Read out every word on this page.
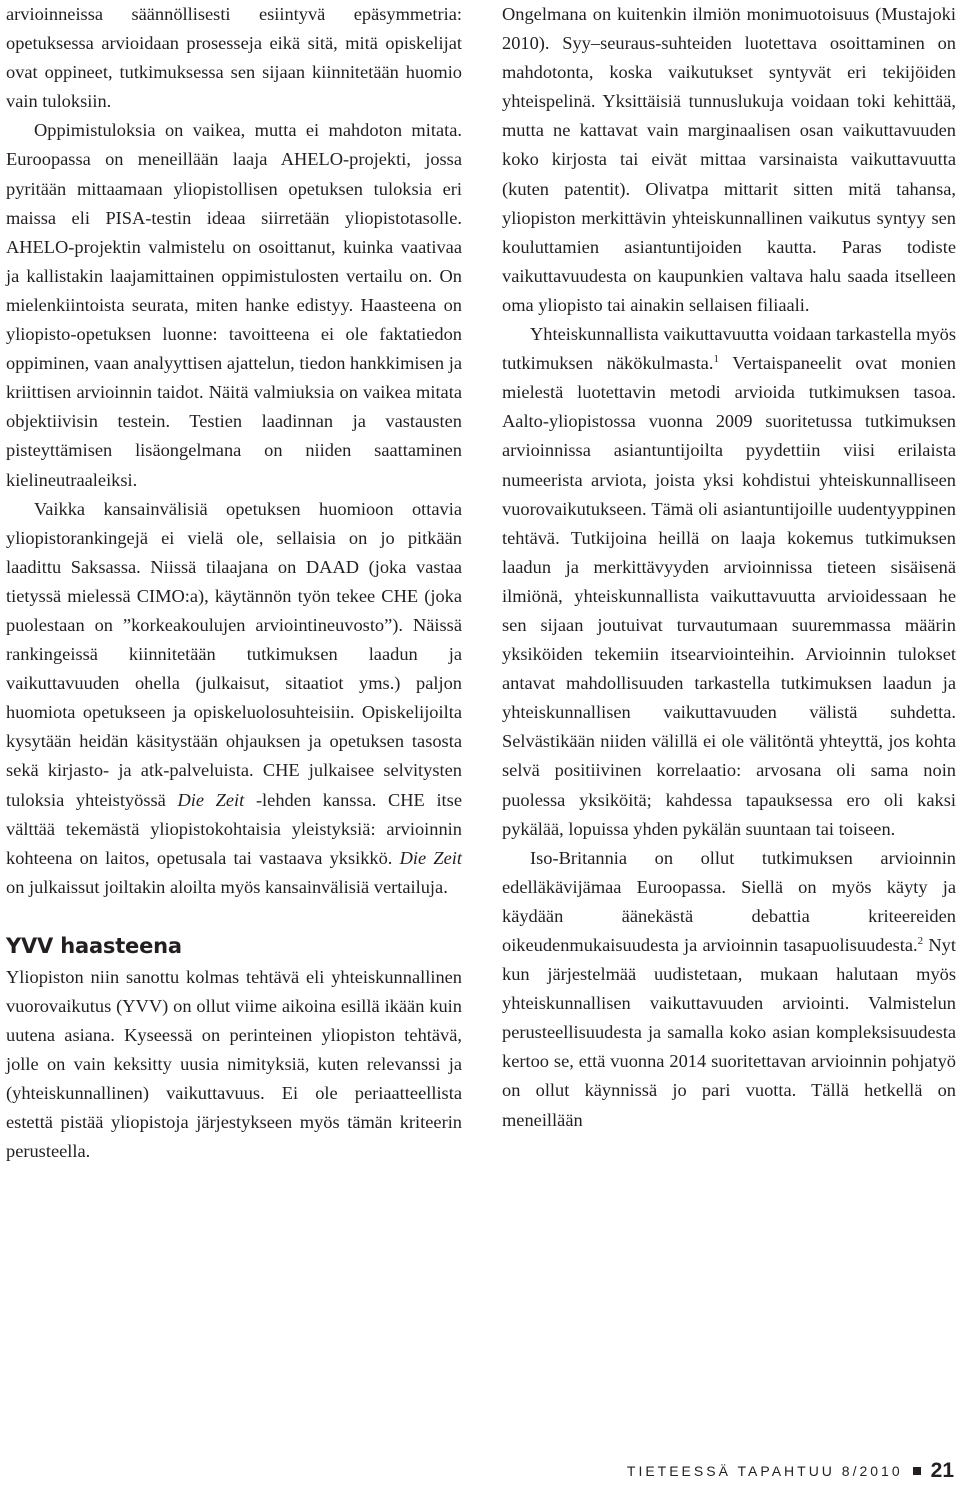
arvioinneissa säännöllisesti esiintyvä epäsymmetria: opetuksessa arvioidaan prosesseja eikä sitä, mitä opiskelijat ovat oppineet, tutkimuksessa sen sijaan kiinnitetään huomio vain tuloksiin.

Oppimistuloksia on vaikea, mutta ei mahdoton mitata. Euroopassa on meneillään laaja AHELO-projekti, jossa pyritään mittaamaan yliopistollisen opetuksen tuloksia eri maissa eli PISA-testin ideaa siirretään yliopistotasolle. AHELO-projektin valmistelu on osoittanut, kuinka vaativaa ja kallistakin laajamittainen oppimistulosten vertailu on. On mielenkiintoista seurata, miten hanke edistyy. Haasteena on yliopisto-opetuksen luonne: tavoitteena ei ole faktatiedon oppiminen, vaan analyyttisen ajattelun, tiedon hankkimisen ja kriittisen arvioinnin taidot. Näitä valmiuksia on vaikea mitata objektiivisin testein. Testien laadinnan ja vastausten pisteyttämisen lisäongelmana on niiden saattaminen kielineutraaleiksi.

Vaikka kansainvälisiä opetuksen huomioon ottavia yliopistorankingejä ei vielä ole, sellaisia on jo pitkään laadittu Saksassa. Niissä tilaajana on DAAD (joka vastaa tietyssä mielessä CIMO:a), käytännön työn tekee CHE (joka puolestaan on ”korkeakoulujen arviointineuvosto”). Näissä rankingeissä kiinnitetään tutkimuksen laadun ja vaikuttavuuden ohella (julkaisut, sitaatiot yms.) paljon huomiota opetukseen ja opiskeluolosuhteisiin. Opiskelijoilta kysytään heidän käsitystään ohjauksen ja opetuksen tasosta sekä kirjasto- ja atk-palveluista. CHE julkaisee selvitysten tuloksia yhteistyössä Die Zeit -lehden kanssa. CHE itse välttää tekemästä yliopistokohtaisia yleistyksiä: arvioinnin kohteena on laitos, opetusala tai vastaava yksikkö. Die Zeit on julkaissut joiltakin aloilta myös kansainvälisiä vertailuja.

YVV haasteena

Yliopiston niin sanottu kolmas tehtävä eli yhteiskunnallinen vuorovaikutus (YVV) on ollut viime aikoina esillä ikään kuin uutena asiana. Kyseessä on perinteinen yliopiston tehtävä, jolle on vain keksitty uusia nimityksiä, kuten relevanssi ja (yhteiskunnallinen) vaikuttavuus. Ei ole periaatteellista estettä pistää yliopistoja järjestykseen myös tämän kriteerin perusteella.

Ongelmana on kuitenkin ilmiön monimuotoisuus (Mustajoki 2010). Syy–seuraus-suhteiden luotettava osoittaminen on mahdotonta, koska vaikutukset syntyvät eri tekijöiden yhteispelinä. Yksittäisiä tunnuslukuja voidaan toki kehittää, mutta ne kattavat vain marginaalisen osan vaikuttavuuden koko kirjosta tai eivät mittaa varsinaista vaikuttavuutta (kuten patentit). Olivatpa mittarit sitten mitä tahansa, yliopiston merkittävin yhteiskunnallinen vaikutus syntyy sen kouluttamien asiantuntijoiden kautta. Paras todiste vaikuttavuudesta on kaupunkien valtava halu saada itselleen oma yliopisto tai ainakin sellaisen filiaali.

Yhteiskunnallista vaikuttavuutta voidaan tarkastella myös tutkimuksen näkökulmasta.$^1$ Vertaispaneelit ovat monien mielestä luotettavin metodi arvioida tutkimuksen tasoa. Aalto-yliopistossa vuonna 2009 suoritetussa tutkimuksen arvioinnissa asiantuntijoilta pyydettiin viisi erilaista numeerista arviota, joista yksi kohdistui yhteiskunnalliseen vuorovaikutukseen. Tämä oli asiantuntijoille uudentyyppinen tehtävä. Tutkijoina heillä on laaja kokemus tutkimuksen laadun ja merkittävyyden arvioinnissa tieteen sisäisenä ilmiönä, yhteiskunnallista vaikuttavuutta arvioidessaan he sen sijaan joutuivat turvautumaan suuremmassa määrin yksiköiden tekemiin itsearviointeihin. Arvioinnin tulokset antavat mahdollisuuden tarkastella tutkimuksen laadun ja yhteiskunnallisen vaikuttavuuden välistä suhdetta. Selvästikään niiden välillä ei ole välitöntä yhteyttä, jos kohta selvä positiivinen korrelaatio: arvosana oli sama noin puolessa yksiköitä; kahdessa tapauksessa ero oli kaksi pykälää, lopuissa yhden pykälän suuntaan tai toiseen.

Iso-Britannia on ollut tutkimuksen arvioinnin edelläkävijämaa Euroopassa. Siellä on myös käyty ja käydään äänekästä debattia kriteereiden oikeudenmukaisuudesta ja arvioinnin tasapuolisuudesta.$^2$ Nyt kun järjestelmää uudistetaan, mukaan halutaan myös yhteiskunnallisen vaikuttavuuden arviointi. Valmistelun perusteellisuudesta ja samalla koko asian kompleksisuudesta kertoo se, että vuonna 2014 suoritettavan arvioinnin pohjatyö on ollut käynnissä jo pari vuotta. Tällä hetkellä on meneillään

TIETEESSÄ TAPAHTUU 8/2010 21
